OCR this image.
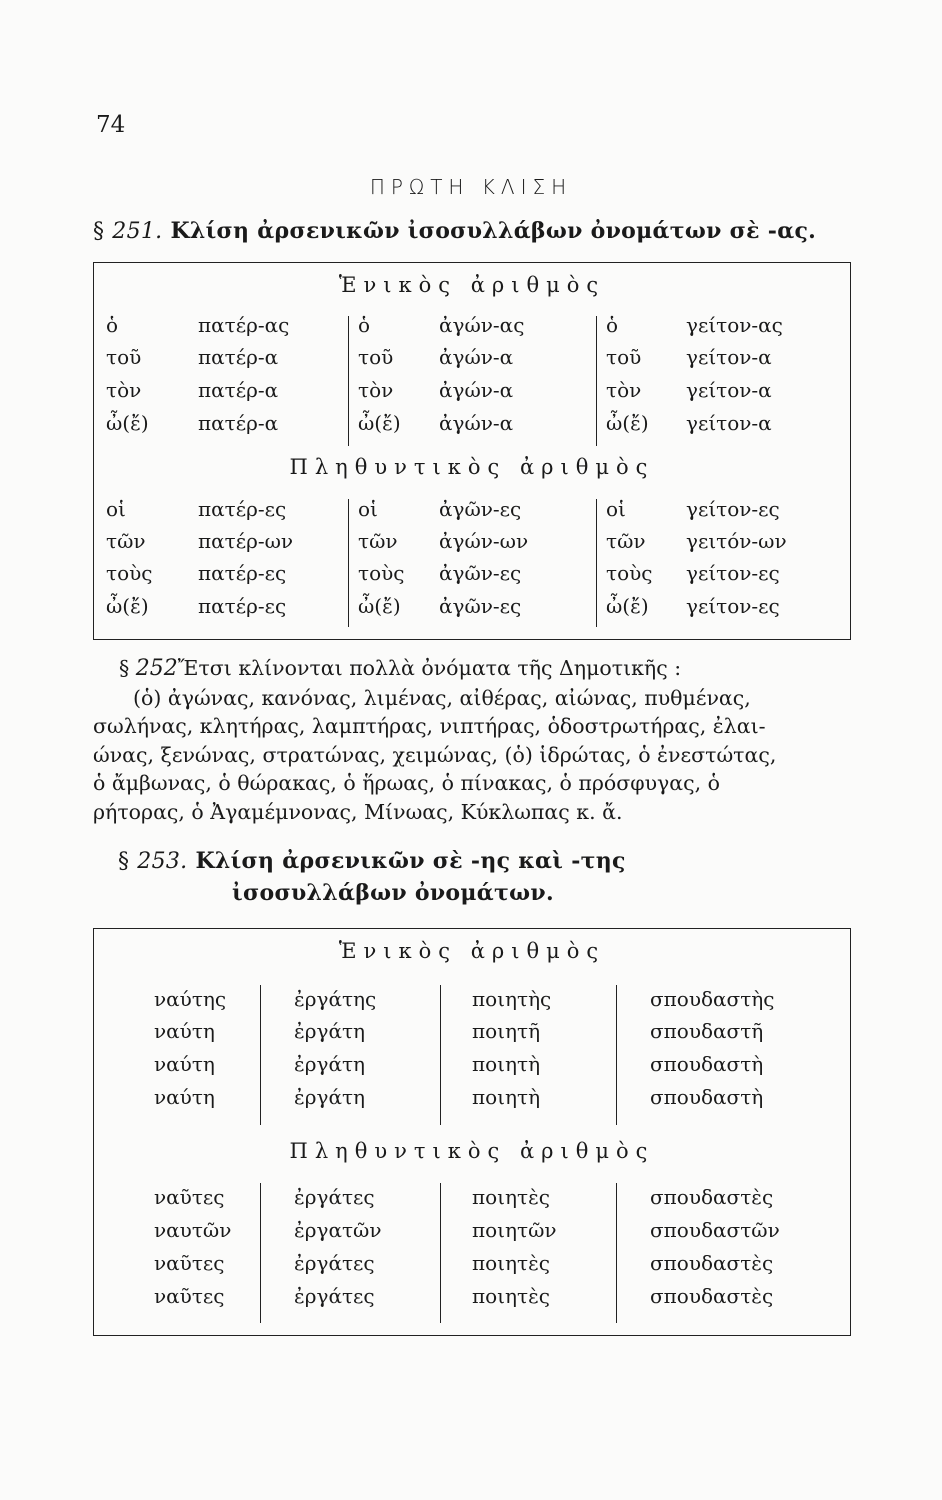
74
ΠΡΩΤΗ ΚΛΙΣΗ
§ 251. Κλίση ἀρσενικῶν ἰσοσυλλάβων ὀνομάτων σὲ -ας.
Ἑνικὸς ἀριθμὸς
Πληθυντικὸς ἀριθμὸς
ὁ	πατέρ-ας	ὁ	ἀγών-ας	ὁ	γείτον-ας
τοῦ	πατέρ-α	τοῦ ἀγών-α	τοῦ γείτον-α
τὸν	πατέρ-α	τὸν ἀγών-α	τὸν γείτον-α
ὦ(ἔ) πατέρ-α	ὦ(ἔ) ἀγών-α	ὦ(ἔ) γείτον-α
οἱ	πατέρ-ες	οἱ	ἀγῶν-ες	οἱ	γείτον-ες
τῶν	πατέρ-ων	τῶν ἀγών-ων	τῶν γειτόν-ων
τοὺς πατέρ-ες	τοὺς ἀγῶν-ες	τοὺς γείτον-ες
ὦ(ἔ) πατέρ-ες	ὦ(ἔ) ἀγῶν-ες	ὦ(ἔ) γείτον-ες
§ 252Ἔτσι κλίνονται πολλὰ ὀνόματα τῆς Δημοτικῆς :
(ὁ) ἀγώνας, κανόνας, λιμένας, αἰθέρας, αἰώνας, πυθμένας,
σωλήνας, κλητήρας, λαμπτήρας, νιπτήρας, ὁδοστρωτήρας, ἐλαι-
ώνας, ξενώνας, στρατώνας, χειμώνας, (ὁ) ἱδρώτας, ὁ ἐνεστώτας,
ὁ ἄμβωνας, ὁ θώρακας, ὁ ἥρωας, ὁ πίνακας, ὁ πρόσφυγας, ὁ
ρήτορας, ὁ Ἀγαμέμνονας, Μίνωας, Κύκλωπας κ. ἄ.
§ 253. Κλίση ἀρσενικῶν σὲ -ης καὶ -της
ἰσοσυλλάβων ὀνομάτων.
Ἑνικὸς ἀριθμὸς
Πληθυντικὸς ἀριθμὸς
ναύτης	ἐργάτης	ποιητὴς	σπουδαστὴς
ναύτη	ἐργάτη	ποιητῆ	σπουδαστῆ
ναύτη	ἐργάτη	ποιητὴ	σπουδαστὴ
ναύτη	ἐργάτη	ποιητὴ	σπουδαστὴ
ναῦτες	ἐργάτες	ποιητὲς	σπουδαστὲς
ναυτῶν	ἐργατῶν	ποιητῶν	σπουδαστῶν
ναῦτες	ἐργάτες	ποιητὲς	σπουδαστὲς
ναῦτες	ἐργάτες	ποιητὲς	σπουδαστὲς
